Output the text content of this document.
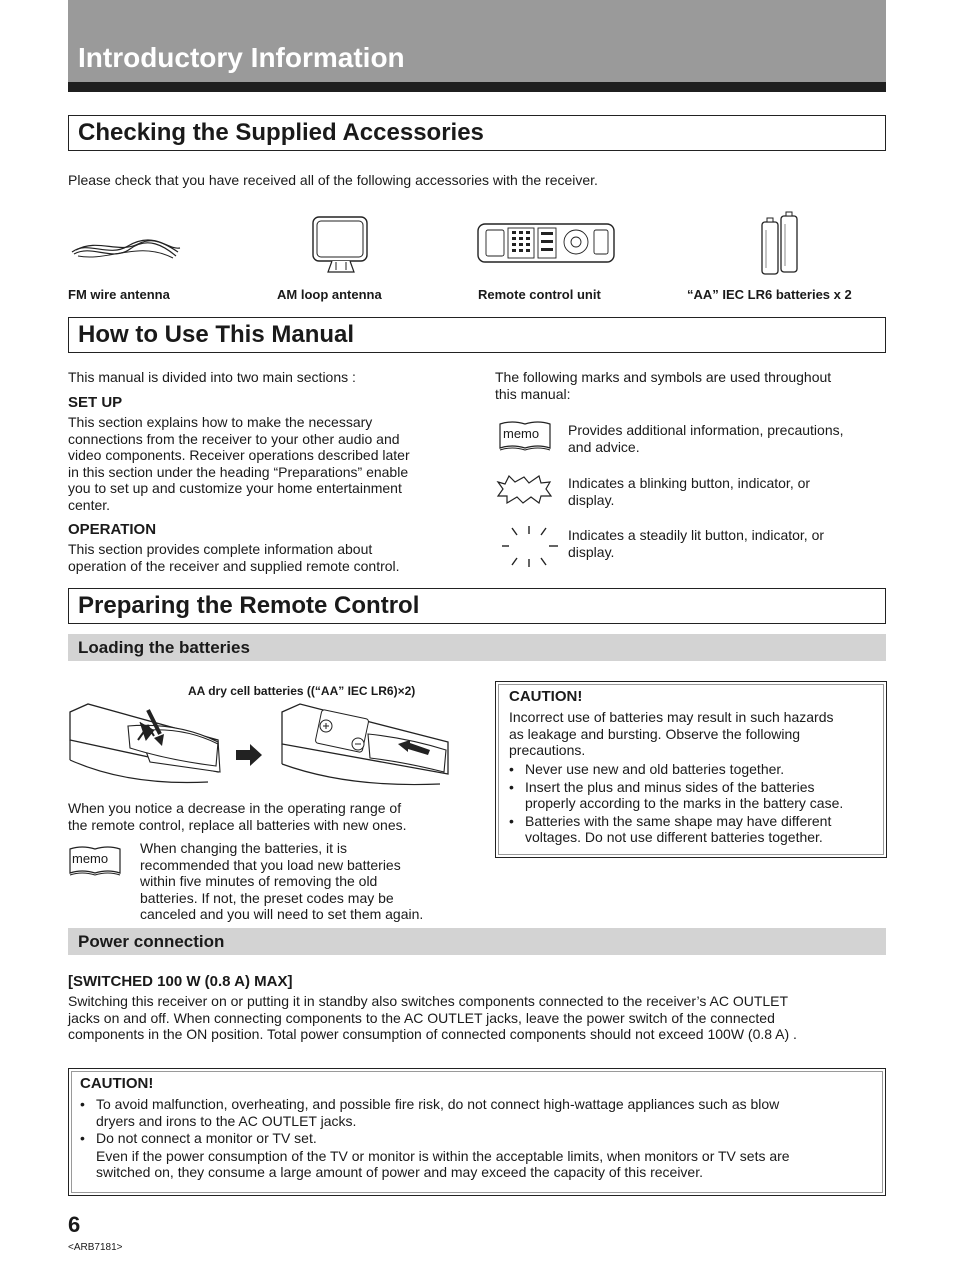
Introductory Information
Checking the Supplied Accessories
Please check that you have received all of the following accessories with the receiver.
FM wire antenna	AM loop antenna	Remote control unit	“AA” IEC LR6 batteries x 2
How to Use This Manual
This manual is divided into two main sections :
SET UP
This section explains how to make the necessary
connections from the receiver to your other audio and
video components. Receiver operations described later
in this section under the heading “Preparations” enable
you to set up and customize your home entertainment
center.
OPERATION
This section provides complete information about
operation of the receiver and supplied remote control.
The following marks and symbols are used throughout
this manual:
memo Provides additional information, precautions,
and advice.
Indicates a blinking button, indicator, or
display.
Indicates a steadily lit button, indicator, or
display.
Preparing the Remote Control
Loading the batteries
AA dry cell batteries ((“AA” IEC LR6)×2)
When you notice a decrease in the operating range of
the remote control, replace all batteries with new ones.
memo
When changing the batteries, it is
recommended that you load new batteries
within five minutes of removing the old
batteries. If not, the preset codes may be
canceled and you will need to set them again.
CAUTION!
Incorrect use of batteries may result in such hazards
as leakage and bursting. Observe the following
precautions.
• Never use new and old batteries together.
• Insert the plus and minus sides of the batteries
properly according to the marks in the battery case.
• Batteries with the same shape may have different
voltages. Do not use different batteries together.
Power connection
[SWITCHED 100 W (0.8 A) MAX]
Switching this receiver on or putting it in standby also switches components connected to the receiver’s AC OUTLET
jacks on and off. When connecting components to the AC OUTLET jacks, leave the power switch of the connected
components in the ON position. Total power consumption of connected components should not exceed 100W (0.8 A) .
CAUTION!
• To avoid malfunction, overheating, and possible fire risk, do not connect high-wattage appliances such as blow
dryers and irons to the AC OUTLET jacks.
• Do not connect a monitor or TV set.
Even if the power consumption of the TV or monitor is within the acceptable limits, when monitors or TV sets are
switched on, they consume a large amount of power and may exceed the capacity of this receiver.
6
<ARB7181>
